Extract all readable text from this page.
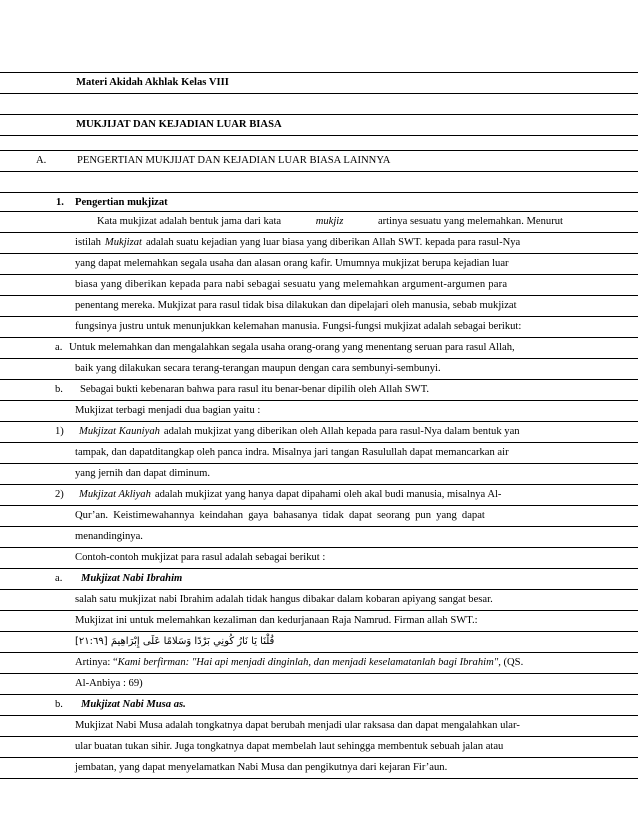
Materi Akidah Akhlak Kelas VIII
MUKJIJAT DAN KEJADIAN LUAR BIASA
A.	PENGERTIAN MUKJIJAT DAN KEJADIAN LUAR BIASA LAINNYA
1. Pengertian mukjizat
Kata mukjizat adalah bentuk jama dari kata	mukjiz	artinya sesuatu yang melemahkan. Menurut
istilah Mukjizat adalah suatu kejadian yang luar biasa yang diberikan Allah SWT. kepada para rasul-Nya
yang dapat melemahkan segala usaha dan alasan orang kafir. Umumnya mukjizat berupa kejadian luar
biasa yang diberikan kepada para nabi sebagai sesuatu yang melemahkan argument-argumen para
penentang mereka. Mukjizat para rasul tidak bisa dilakukan dan dipelajari oleh manusia, sebab mukjizat
fungsinya justru untuk menunjukkan kelemahan manusia. Fungsi-fungsi mukjizat adalah sebagai berikut:
a. Untuk melemahkan dan mengalahkan segala usaha orang-orang yang menentang seruan para rasul Allah,
baik yang dilakukan secara terang-terangan maupun dengan cara sembunyi-sembunyi.
b. Sebagai bukti kebenaran bahwa para rasul itu benar-benar dipilih oleh Allah SWT.
Mukjizat terbagi menjadi dua bagian yaitu :
1) Mukjizat Kauniyah adalah mukjizat yang diberikan oleh Allah kepada para rasul-Nya dalam bentuk yan
tampak, dan dapatditangkap oleh panca indra. Misalnya jari tangan Rasulullah dapat memancarkan air
yang jernih dan dapat diminum.
2) Mukjizat Akliyah adalah mukjizat yang hanya dapat dipahami oleh akal budi manusia, misalnya Al-
Qur’an. Keistimewahannya keindahan gaya bahasanya tidak dapat seorang pun yang dapat
menandinginya.
Contoh-contoh mukjizat para rasul adalah sebagai berikut :
a. Mukjizat Nabi Ibrahim
salah satu mukjizat nabi Ibrahim adalah tidak hangus dibakar dalam kobaran apiyang sangat besar.
Mukjizat ini untuk melemahkan kezaliman dan kedurjanaan Raja Namrud. Firman allah SWT.:
قُلْنَا يَا نَارُ كُونِي بَرْدًا وَسَلامًا عَلَى إِبْرَاهِيمَ [٢١:٦٩]
Artinya: “ Kami berfirman: "Hai api menjadi dinginlah, dan menjadi keselamatanlah bagi Ibrahim" , (QS.
Al-Anbiya : 69)
b. Mukjizat Nabi Musa as.
Mukjizat Nabi Musa adalah tongkatnya dapat berubah menjadi ular raksasa dan dapat mengalahkan ular-
ular buatan tukan sihir. Juga tongkatnya dapat membelah laut sehingga membentuk sebuah jalan atau
jembatan, yang dapat menyelamatkan Nabi Musa dan pengikutnya dari kejaran Fir’aun.
